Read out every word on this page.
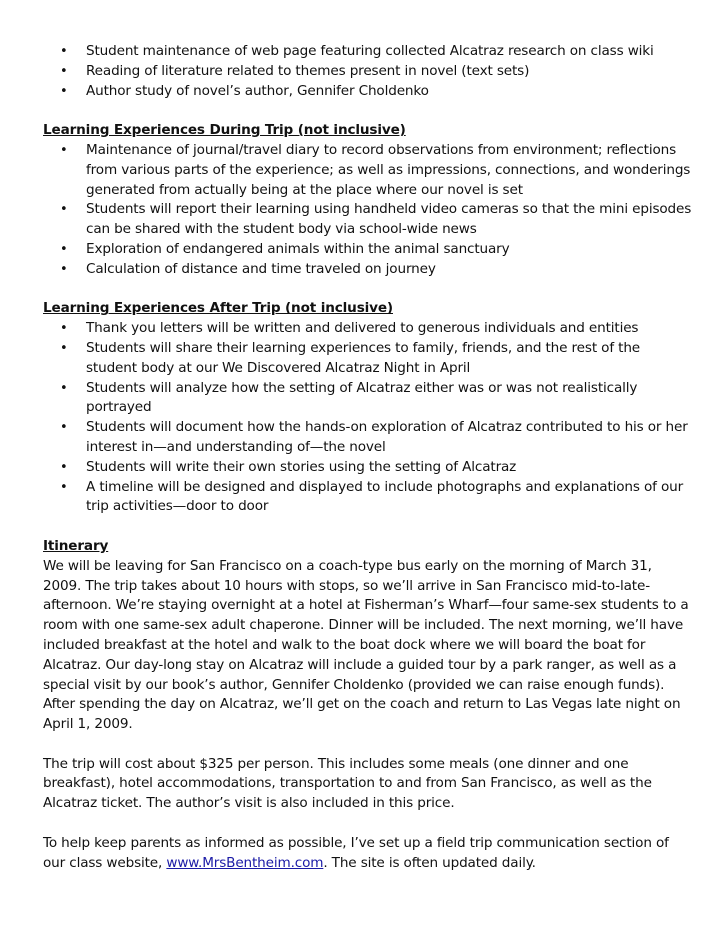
• Student maintenance of web page featuring collected Alcatraz research on class wiki
• Reading of literature related to themes present in novel (text sets)
• Author study of novel’s author, Gennifer Choldenko

Learning Experiences During Trip (not inclusive)

• Maintenance of journal/travel diary to record observations from environment; reflections from various parts of the experience; as well as impressions, connections, and wonderings generated from actually being at the place where our novel is set
• Students will report their learning using handheld video cameras so that the mini episodes can be shared with the student body via school-wide news
• Exploration of endangered animals within the animal sanctuary
• Calculation of distance and time traveled on journey

Learning Experiences After Trip (not inclusive)

• Thank you letters will be written and delivered to generous individuals and entities
• Students will share their learning experiences to family, friends, and the rest of the student body at our We Discovered Alcatraz Night in April
• Students will analyze how the setting of Alcatraz either was or was not realistically portrayed
• Students will document how the hands-on exploration of Alcatraz contributed to his or her interest in—and understanding of—the novel
• Students will write their own stories using the setting of Alcatraz
• A timeline will be designed and displayed to include photographs and explanations of our trip activities—door to door

Itinerary

We will be leaving for San Francisco on a coach-type bus early on the morning of March 31, 2009. The trip takes about 10 hours with stops, so we’ll arrive in San Francisco mid-to-late-afternoon. We’re staying overnight at a hotel at Fisherman’s Wharf—four same-sex students to a room with one same-sex adult chaperone. Dinner will be included. The next morning, we’ll have included breakfast at the hotel and walk to the boat dock where we will board the boat for Alcatraz. Our day-long stay on Alcatraz will include a guided tour by a park ranger, as well as a special visit by our book’s author, Gennifer Choldenko (provided we can raise enough funds). After spending the day on Alcatraz, we’ll get on the coach and return to Las Vegas late night on April 1, 2009.

The trip will cost about $325 per person. This includes some meals (one dinner and one breakfast), hotel accommodations, transportation to and from San Francisco, as well as the Alcatraz ticket. The author’s visit is also included in this price.

To help keep parents as informed as possible, I’ve set up a field trip communication section of our class website, www.MrsBentheim.com. The site is often updated daily.
